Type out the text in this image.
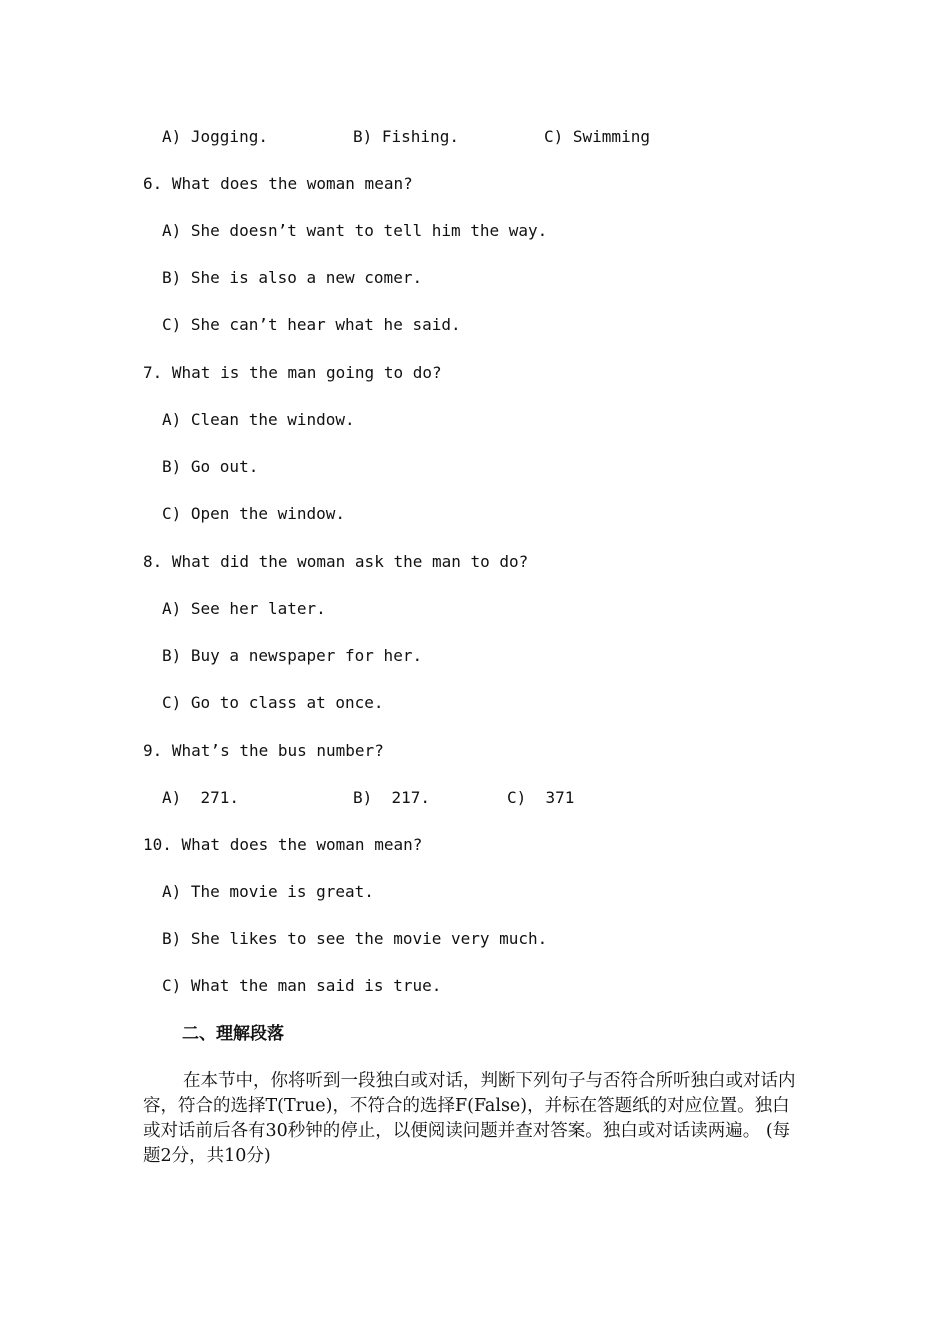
A) Jogging.	B) Fishing.	C) Swimming
6. What does the woman mean?
A) She doesn’t want to tell him the way.
B) She is also a new comer.
C) She can’t hear what he said.
7. What is the man going to do?
A) Clean the window.
B) Go out.
C) Open the window.
8. What did the woman ask the man to do?
A) See her later.
B) Buy a newspaper for her.
C) Go to class at once.
9. What’s the bus number?
A)  271.	B)  217.	C)  371
10. What does the woman mean?
A) The movie is great.
B) She likes to see the movie very much.
C) What the man said is true.
二、理解段落
在本节中，你将听到一段独白或对话，判断下列句子与否符合所听独白或对话内容，符合的选择T(True)，不符合的选择F(False)，并标在答题纸的对应位置。独白或对话前后各有30秒钟的停止，以便阅读问题并查对答案。独白或对话读两遍。 (每题2分，共10分)
